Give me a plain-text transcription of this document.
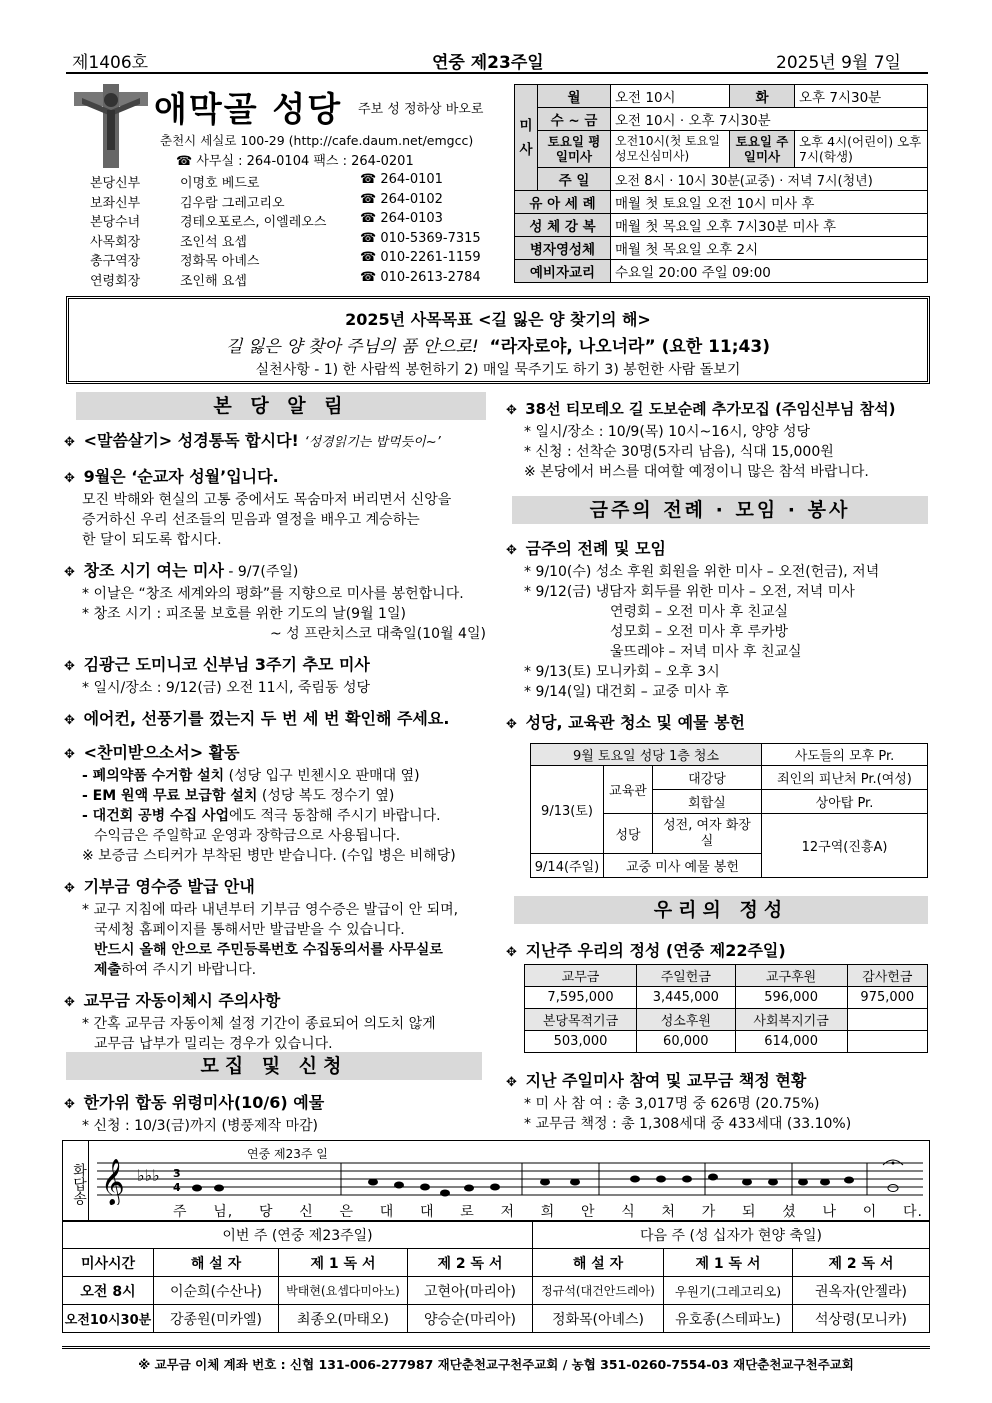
제1406호	연중 제23주일	2025년 9월 7일
애막골 성당 주보 성 정하상 바오로
춘천시 세실로 100-29 (http://cafe.daum.net/emgcc)
☎ 사무실 : 264-0104 팩스 : 264-0201
본당신부	이명호 베드로	☎ 264-0101
보좌신부	김우람 그레고리오	☎ 264-0102
본당수녀	경테오포로스, 이엘레오스	☎ 264-0103
사목회장	조인석 요셉	☎ 010-5369-7315
총구역장	정화목 아녜스	☎ 010-2261-1159
연령회장	조인해 요셉	☎ 010-2613-2784
미사	월	오전 10시	화	오후 7시30분
	수 ~ 금	오전 10시 · 오후 7시30분		
	토요일 평일미사	오전10시(첫 토요일 성모신심미사)	토요일 주일미사	오후 4시(어린이) 오후 7시(학생)
	주 일	오전 8시 · 10시 30분(교중) · 저녁 7시(청년)		
유 아 세 례		매월 첫 토요일 오전 10시 미사 후		
성 체 강 복		매월 첫 목요일 오후 7시30분 미사 후		
병자영성체		매월 첫 목요일 오후 2시		
예비자교리		수요일 20:00 주일 09:00		
2025년 사목목표 <길 잃은 양 찾기의 해>
길 잃은 양 찾아 주님의 품 안으로! “라자로야, 나오너라” (요한 11;43)
실천사항 - 1) 한 사람씩 봉헌하기 2) 매일 묵주기도 하기 3) 봉헌한 사람 돌보기
본 당 알 림
✥ <말씀살기> 성경통독 합시다! ‘성경읽기는 밥먹듯이~’
✥ 9월은 ‘순교자 성월’입니다.
모진 박해와 현실의 고통 중에서도 목숨마저 버리면서 신앙을
증거하신 우리 선조들의 믿음과 열정을 배우고 계승하는
한 달이 되도록 합시다.
✥ 창조 시기 여는 미사 - 9/7(주일)
* 이날은 “창조 세계와의 평화”를 지향으로 미사를 봉헌합니다.
* 창조 시기 : 피조물 보호를 위한 기도의 날(9월 1일)
~ 성 프란치스코 대축일(10월 4일)
✥ 김광근 도미니코 신부님 3주기 추모 미사
* 일시/장소 : 9/12(금) 오전 11시, 죽림동 성당
✥ 에어컨, 선풍기를 껐는지 두 번 세 번 확인해 주세요.
✥ <찬미받으소서> 활동
- 폐의약품 수거함 설치 (성당 입구 빈첸시오 판매대 옆)
- EM 원액 무료 보급함 설치 (성당 복도 정수기 옆)
- 대건회 공병 수집 사업에도 적극 동참해 주시기 바랍니다.
수익금은 주일학교 운영과 장학금으로 사용됩니다.
※ 보증금 스티커가 부착된 병만 받습니다. (수입 병은 비해당)
✥ 기부금 영수증 발급 안내
* 교구 지침에 따라 내년부터 기부금 영수증은 발급이 안 되며,
국세청 홈페이지를 통해서만 발급받을 수 있습니다.
반드시 올해 안으로 주민등록번호 수집동의서를 사무실로
제출하여 주시기 바랍니다.
✥ 교무금 자동이체시 주의사항
* 간혹 교무금 자동이체 설정 기간이 종료되어 의도치 않게
교무금 납부가 밀리는 경우가 있습니다.
모집 및 신청
✥ 한가위 합동 위령미사(10/6) 예물
* 신청 : 10/3(금)까지 (병풍제작 마감)
✥ 38선 티모테오 길 도보순례 추가모집 (주임신부님 참석)
* 일시/장소 : 10/9(목) 10시~16시, 양양 성당
* 신청 : 선착순 30명(5자리 남음), 식대 15,000원
※ 본당에서 버스를 대여할 예정이니 많은 참석 바랍니다.
금주의 전례 · 모임 · 봉사
✥ 금주의 전례 및 모임
* 9/10(수) 성소 후원 회원을 위한 미사 – 오전(헌금), 저녁
* 9/12(금) 냉담자 회두를 위한 미사 – 오전, 저녁 미사
연령회 – 오전 미사 후 친교실
성모회 – 오전 미사 후 루카방
울뜨레야 – 저녁 미사 후 친교실
* 9/13(토) 모니카회 – 오후 3시
* 9/14(일) 대건회 – 교중 미사 후
✥ 성당, 교육관 청소 및 예물 봉헌
9월 토요일 성당 1층 청소			사도들의 모후 Pr.
9/13(토)	교육관	대강당	죄인의 피난처 Pr.(여성)
		회합실	상아탑 Pr.
	성당	성전, 여자 화장실	12구역(진흥A)
9/14(주일)	교중 미사 예물 봉헌		
우리의 정성
✥ 지난주 우리의 정성 (연중 제22주일)
교무금	주일헌금	교구후원	감사헌금
7,595,000	3,445,000	596,000	975,000
본당목적기금	성소후원	사회복지기금	
503,000	60,000	614,000	
✥ 지난 주일미사 참여 및 교무금 책정 현황
* 미 사 참 여 : 총 3,017명 중 626명 (20.75%)
* 교무금 책정 : 총 1,308세대 중 433세대 (33.10%)
화답송
연중 제23주 일
𝄞 ♭♭♭ 3
4
주 님, 당 신 은 대 대 로 저 희 안 식 처 가 되 셨 나 이 다.
이번 주 (연중 제23주일)				다음 주 (성 십자가 현양 축일)		
미사시간	해 설 자	제 1 독 서	제 2 독 서	해 설 자	제 1 독 서	제 2 독 서
오전 8시	이순희(수산나)	박태현(요셉다미아노)	고현아(마리아)	정규석(대건안드레아)	우원기(그레고리오)	권옥자(안젤라)
오전10시30분	강종원(미카엘)	최종오(마태오)	양승순(마리아)	정화목(아녜스)	유호종(스테파노)	석상령(모니카)
※ 교무금 이체 계좌 번호 : 신협 131-006-277987 재단춘천교구천주교회 / 농협 351-0260-7554-03 재단춘천교구천주교회
